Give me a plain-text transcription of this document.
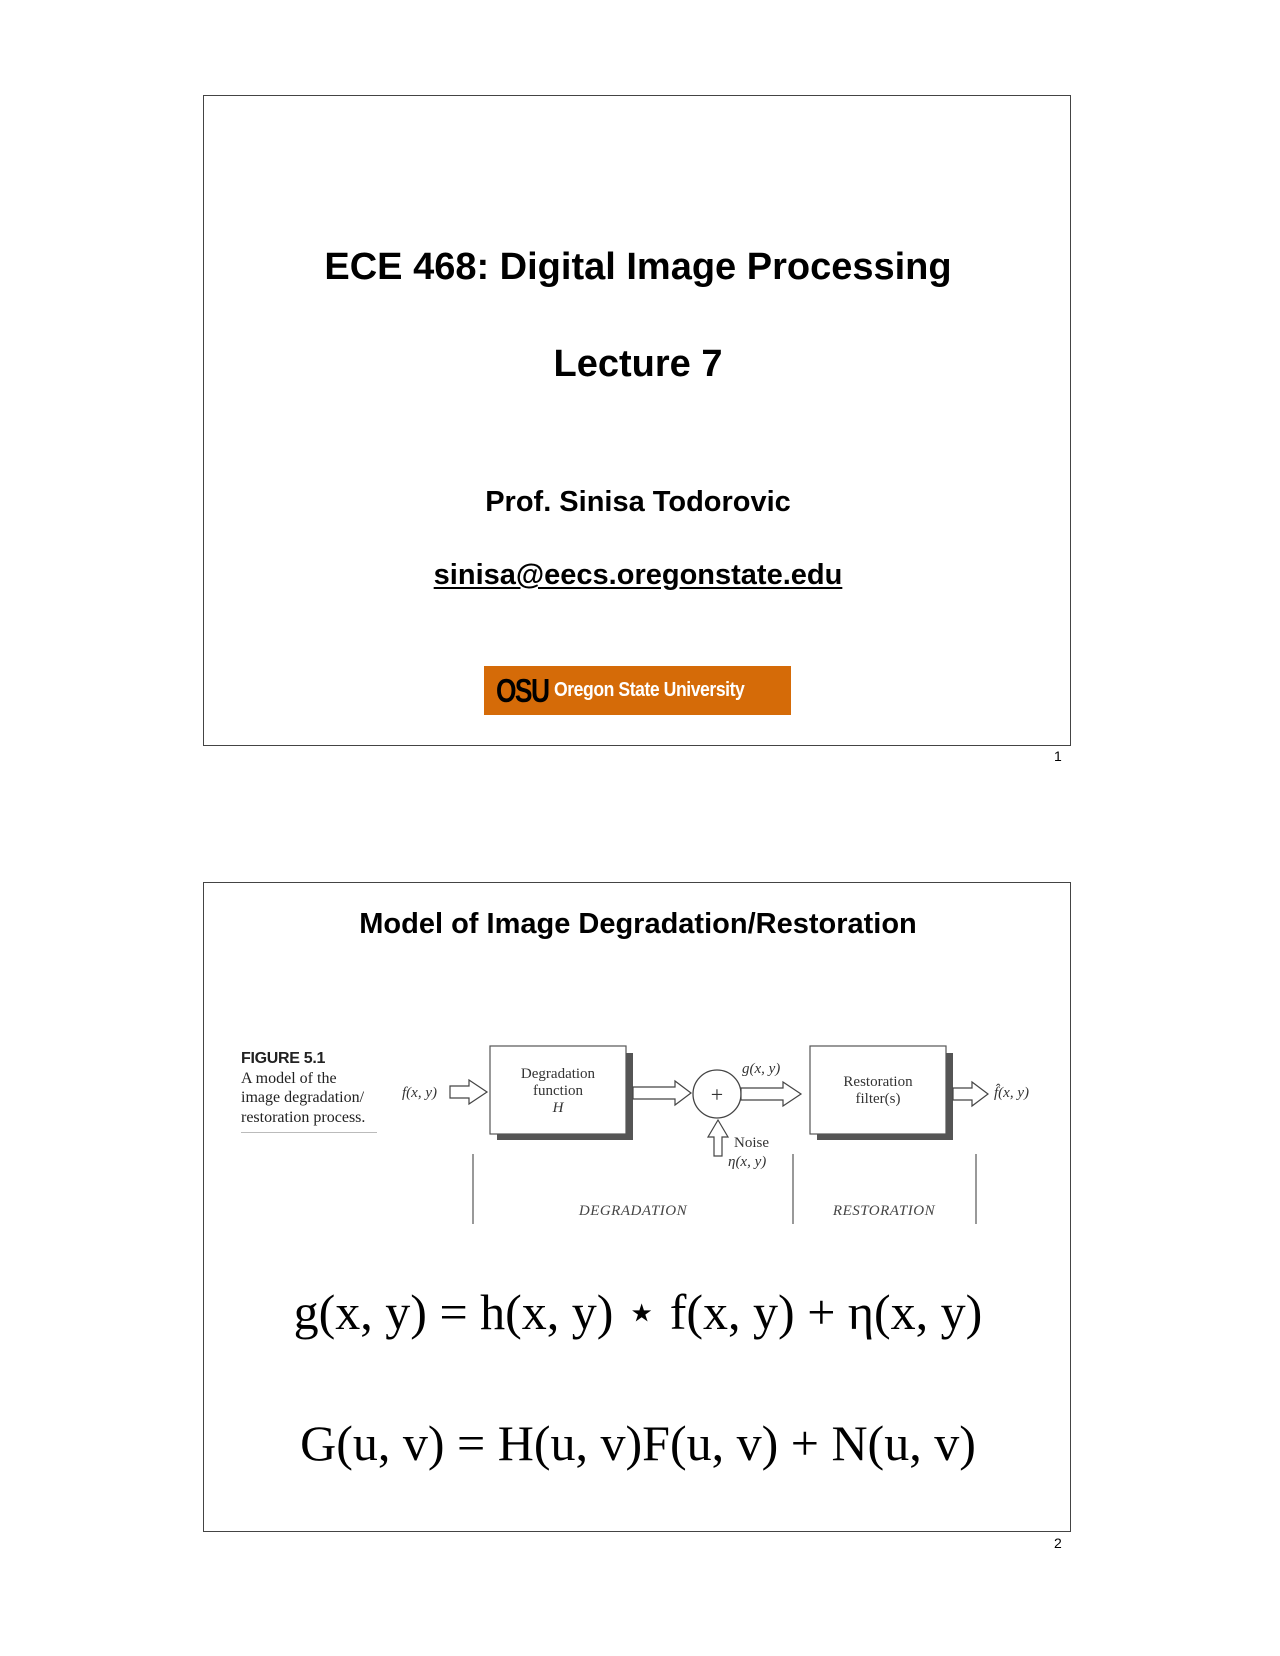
ECE 468: Digital Image Processing
Lecture 7

Prof. Sinisa Todorovic

sinisa@eecs.oregonstate.edu

OSU Oregon State University
1
Model of Image Degradation/Restoration
FIGURE 5.1
A model of the image degradation/ restoration process.
f(x, y)
Degradation
function
H
+
g(x, y)
Noise
η(x, y)
Restoration
filter(s)	f̂(x, y)
DEGRADATION	RESTORATION

g(x, y) = h(x, y) ⋆ f(x, y) + η(x, y)

G(u, v) = H(u, v)F(u, v) + N(u, v)

2
